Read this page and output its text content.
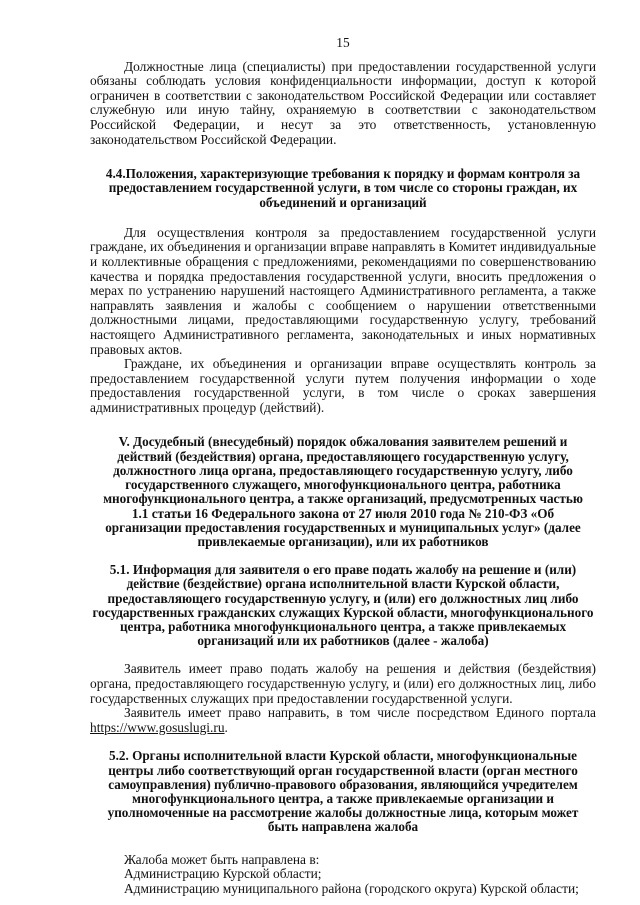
15

Должностные лица (специалисты) при предоставлении государственной услуги обязаны соблюдать условия конфиденциальности информации, доступ к которой ограничен в соответствии с законодательством Российской Федерации или составляет служебную или иную тайну, охраняемую в соответствии с законодательством Российской Федерации, и несут за это ответственность, установленную законодательством Российской Федерации.

4.4.Положения, характеризующие требования к порядку и формам контроля за предоставлением государственной услуги, в том числе со стороны граждан, их объединений и организаций

Для осуществления контроля за предоставлением государственной услуги граждане, их объединения и организации вправе направлять в Комитет индивидуальные и коллективные обращения с предложениями, рекомендациями по совершенствованию качества и порядка предоставления государственной услуги, вносить предложения о мерах по устранению нарушений настоящего Административного регламента, а также направлять заявления и жалобы с сообщением о нарушении ответственными должностными лицами, предоставляющими государственную услугу, требований настоящего Административного регламента, законодательных и иных нормативных правовых актов.

Граждане, их объединения и организации вправе осуществлять контроль за предоставлением государственной услуги путем получения информации о ходе предоставления государственной услуги, в том числе о сроках завершения административных процедур (действий).

V. Досудебный (внесудебный) порядок обжалования заявителем решений и действий (бездействия) органа, предоставляющего государственную услугу, должностного лица органа, предоставляющего государственную услугу, либо государственного служащего, многофункционального центра, работника многофункционального центра, а также организаций, предусмотренных частью 1.1 статьи 16 Федерального закона от 27 июля 2010 года № 210-ФЗ «Об организации предоставления государственных и муниципальных услуг» (далее привлекаемые организации), или их работников
5.1. Информация для заявителя о его праве подать жалобу на решение и (или) действие (бездействие) органа исполнительной власти Курской области, предоставляющего государственную услугу, и (или) его должностных лиц либо государственных гражданских служащих Курской области, многофункционального центра, работника многофункционального центра, а также привлекаемых организаций или их работников (далее - жалоба)

Заявитель имеет право подать жалобу на решения и действия (бездействия) органа, предоставляющего государственную услугу, и (или) его должностных лиц, либо государственных служащих при предоставлении государственной услуги.

Заявитель имеет право направить, в том числе посредством Единого портала https://www.gosuslugi.ru.

5.2. Органы исполнительной власти Курской области, многофункциональные центры либо соответствующий орган государственной власти (орган местного самоуправления) публично-правового образования, являющийся учредителем многофункционального центра, а также привлекаемые организации и уполномоченные на рассмотрение жалобы должностные лица, которым может быть направлена жалоба

Жалоба может быть направлена в:

Администрацию Курской области;

Администрацию муниципального района (городского округа) Курской области;
